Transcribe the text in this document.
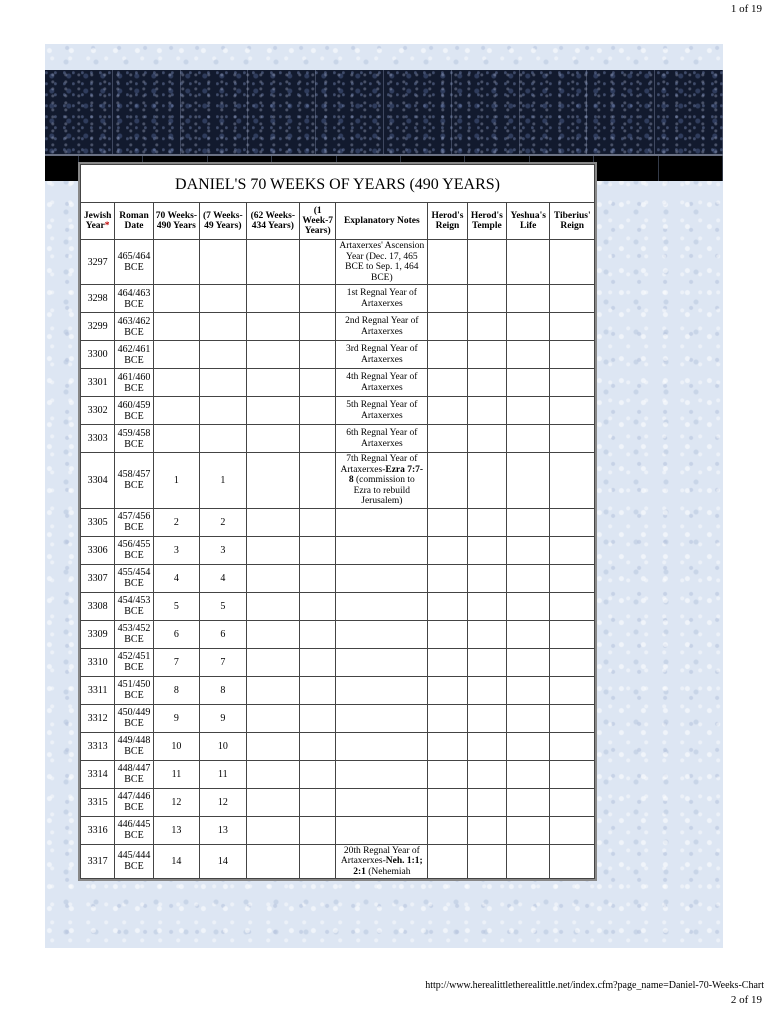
1 of 19
DANIEL'S 70 WEEKS OF YEARS (490 YEARS)										
Jewish Year*	Roman Date	70 Weeks-490 Years	(7 Weeks-49 Years)	(62 Weeks-434 Years)	(1 Week-7 Years)	Explanatory Notes	Herod's Reign	Herod's Temple	Yeshua's Life	Tiberius' Reign
3297	465/464 BCE					Artaxerxes' Ascension Year (Dec. 17, 465 BCE to Sep. 1, 464 BCE)				
3298	464/463 BCE					1st Regnal Year of Artaxerxes				
3299	463/462 BCE					2nd Regnal Year of Artaxerxes				
3300	462/461 BCE					3rd Regnal Year of Artaxerxes				
3301	461/460 BCE					4th Regnal Year of Artaxerxes				
3302	460/459 BCE					5th Regnal Year of Artaxerxes				
3303	459/458 BCE					6th Regnal Year of Artaxerxes				
3304	458/457 BCE	1	1			7th Regnal Year of Artaxerxes-Ezra 7:7-8 (commission to Ezra to rebuild Jerusalem)				
3305	457/456 BCE	2	2							
3306	456/455 BCE	3	3							
3307	455/454 BCE	4	4							
3308	454/453 BCE	5	5							
3309	453/452 BCE	6	6							
3310	452/451 BCE	7	7							
3311	451/450 BCE	8	8							
3312	450/449 BCE	9	9							
3313	449/448 BCE	10	10							
3314	448/447 BCE	11	11							
3315	447/446 BCE	12	12							
3316	446/445 BCE	13	13							
3317	445/444 BCE	14	14			20th Regnal Year of Artaxerxes-Neh. 1:1; 2:1 (Nehemiah				
http://www.herealittletherealittle.net/index.cfm?page_name=Daniel-70-Weeks-Chart
2 of 19
